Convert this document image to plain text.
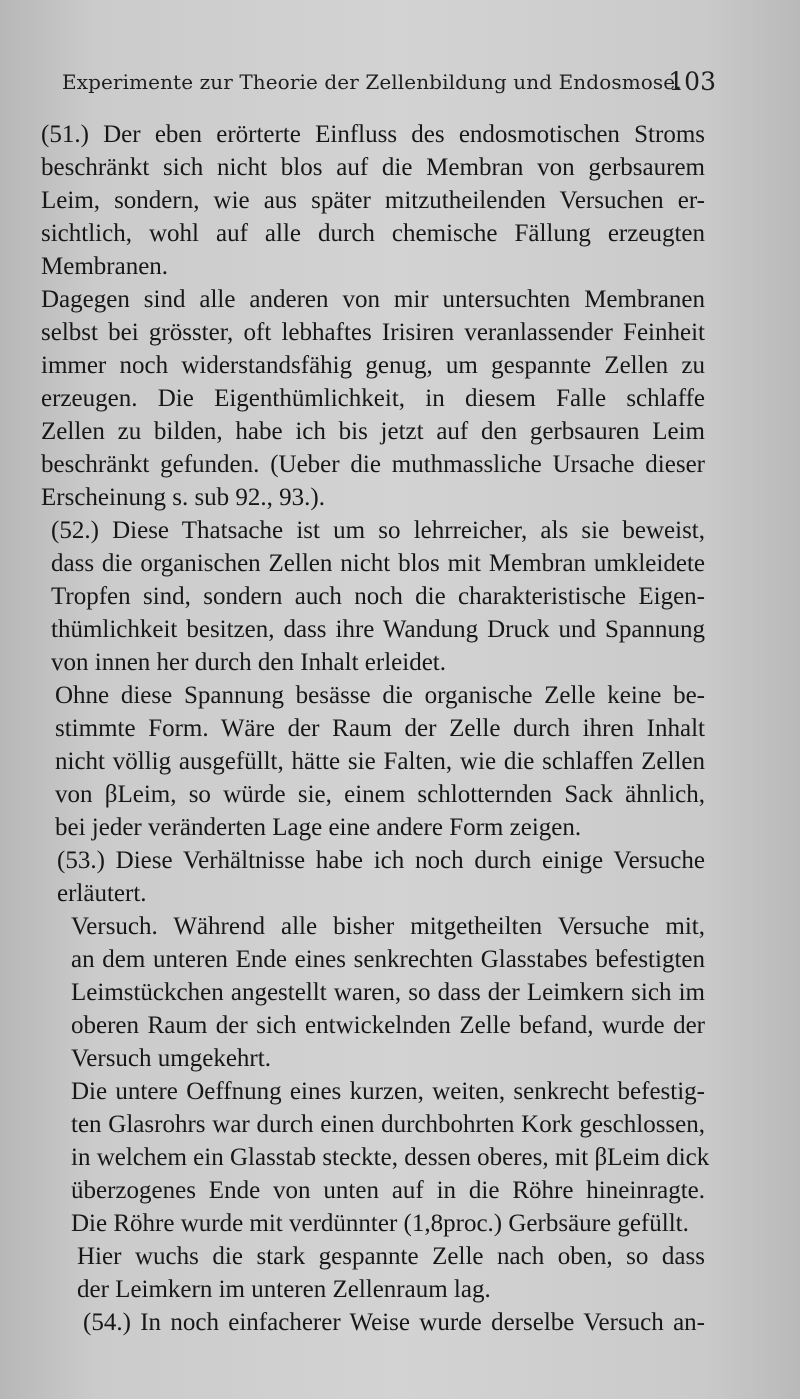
Experimente zur Theorie der Zellenbildung und Endosmose.
103
(51.) Der eben erörterte Einfluss des endosmotischen Stroms
beschränkt sich nicht blos auf die Membran von gerbsaurem
Leim, sondern, wie aus später mitzutheilenden Versuchen er-
sichtlich, wohl auf alle durch chemische Fällung erzeugten
Membranen.
Dagegen sind alle anderen von mir untersuchten Membranen
selbst bei grösster, oft lebhaftes Irisiren veranlassender Feinheit
immer noch widerstandsfähig genug, um gespannte Zellen zu
erzeugen. Die Eigenthümlichkeit, in diesem Falle schlaffe
Zellen zu bilden, habe ich bis jetzt auf den gerbsauren Leim
beschränkt gefunden. (Ueber die muthmassliche Ursache dieser
Erscheinung s. sub 92., 93.).
(52.) Diese Thatsache ist um so lehrreicher, als sie beweist,
dass die organischen Zellen nicht blos mit Membran umkleidete
Tropfen sind, sondern auch noch die charakteristische Eigen-
thümlichkeit besitzen, dass ihre Wandung Druck und Spannung
von innen her durch den Inhalt erleidet.
Ohne diese Spannung besässe die organische Zelle keine be-
stimmte Form. Wäre der Raum der Zelle durch ihren Inhalt
nicht völlig ausgefüllt, hätte sie Falten, wie die schlaffen Zellen
von βLeim, so würde sie, einem schlotternden Sack ähnlich,
bei jeder veränderten Lage eine andere Form zeigen.
(53.) Diese Verhältnisse habe ich noch durch einige Versuche
erläutert.
Versuch. Während alle bisher mitgetheilten Versuche mit,
an dem unteren Ende eines senkrechten Glasstabes befestigten
Leimstückchen angestellt waren, so dass der Leimkern sich im
oberen Raum der sich entwickelnden Zelle befand, wurde der
Versuch umgekehrt.
Die untere Oeffnung eines kurzen, weiten, senkrecht befestig-
ten Glasrohrs war durch einen durchbohrten Kork geschlossen,
in welchem ein Glasstab steckte, dessen oberes, mit βLeim dick
überzogenes Ende von unten auf in die Röhre hineinragte.
Die Röhre wurde mit verdünnter (1,8proc.) Gerbsäure gefüllt.
Hier wuchs die stark gespannte Zelle nach oben, so dass
der Leimkern im unteren Zellenraum lag.
(54.) In noch einfacherer Weise wurde derselbe Versuch an-
